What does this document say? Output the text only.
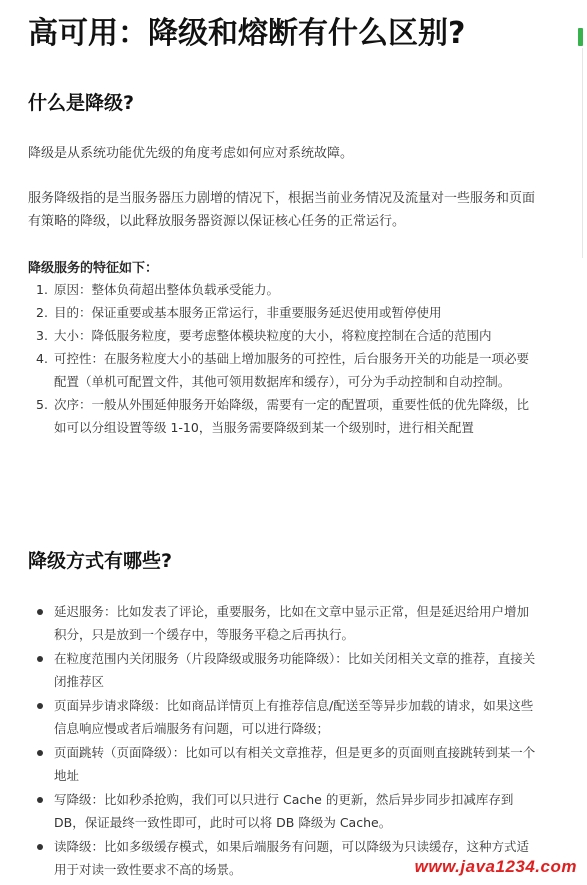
高可用：降级和熔断有什么区别?
什么是降级?
降级是从系统功能优先级的角度考虑如何应对系统故障。
服务降级指的是当服务器压力剧增的情况下，根据当前业务情况及流量对一些服务和页面有策略的降级，以此释放服务器资源以保证核心任务的正常运行。
降级服务的特征如下：
1. 原因：整体负荷超出整体负载承受能力。
2. 目的：保证重要或基本服务正常运行，非重要服务延迟使用或暂停使用
3. 大小：降低服务粒度，要考虑整体模块粒度的大小，将粒度控制在合适的范围内
4. 可控性：在服务粒度大小的基础上增加服务的可控性，后台服务开关的功能是一项必要配置（单机可配置文件，其他可领用数据库和缓存），可分为手动控制和自动控制。
5. 次序：一般从外围延伸服务开始降级，需要有一定的配置项，重要性低的优先降级，比如可以分组设置等级 1-10，当服务需要降级到某一个级别时，进行相关配置
降级方式有哪些?
延迟服务：比如发表了评论，重要服务，比如在文章中显示正常，但是延迟给用户增加积分，只是放到一个缓存中，等服务平稳之后再执行。
在粒度范围内关闭服务（片段降级或服务功能降级）：比如关闭相关文章的推荐，直接关闭推荐区
页面异步请求降级：比如商品详情页上有推荐信息/配送至等异步加载的请求，如果这些信息响应慢或者后端服务有问题，可以进行降级；
页面跳转（页面降级）：比如可以有相关文章推荐，但是更多的页面则直接跳转到某一个地址
写降级：比如秒杀抢购，我们可以只进行 Cache 的更新，然后异步同步扣减库存到 DB，保证最终一致性即可，此时可以将 DB 降级为 Cache。
读降级：比如多级缓存模式，如果后端服务有问题，可以降级为只读缓存，这种方式适用于对读一致性要求不高的场景。	www.java1234.com
